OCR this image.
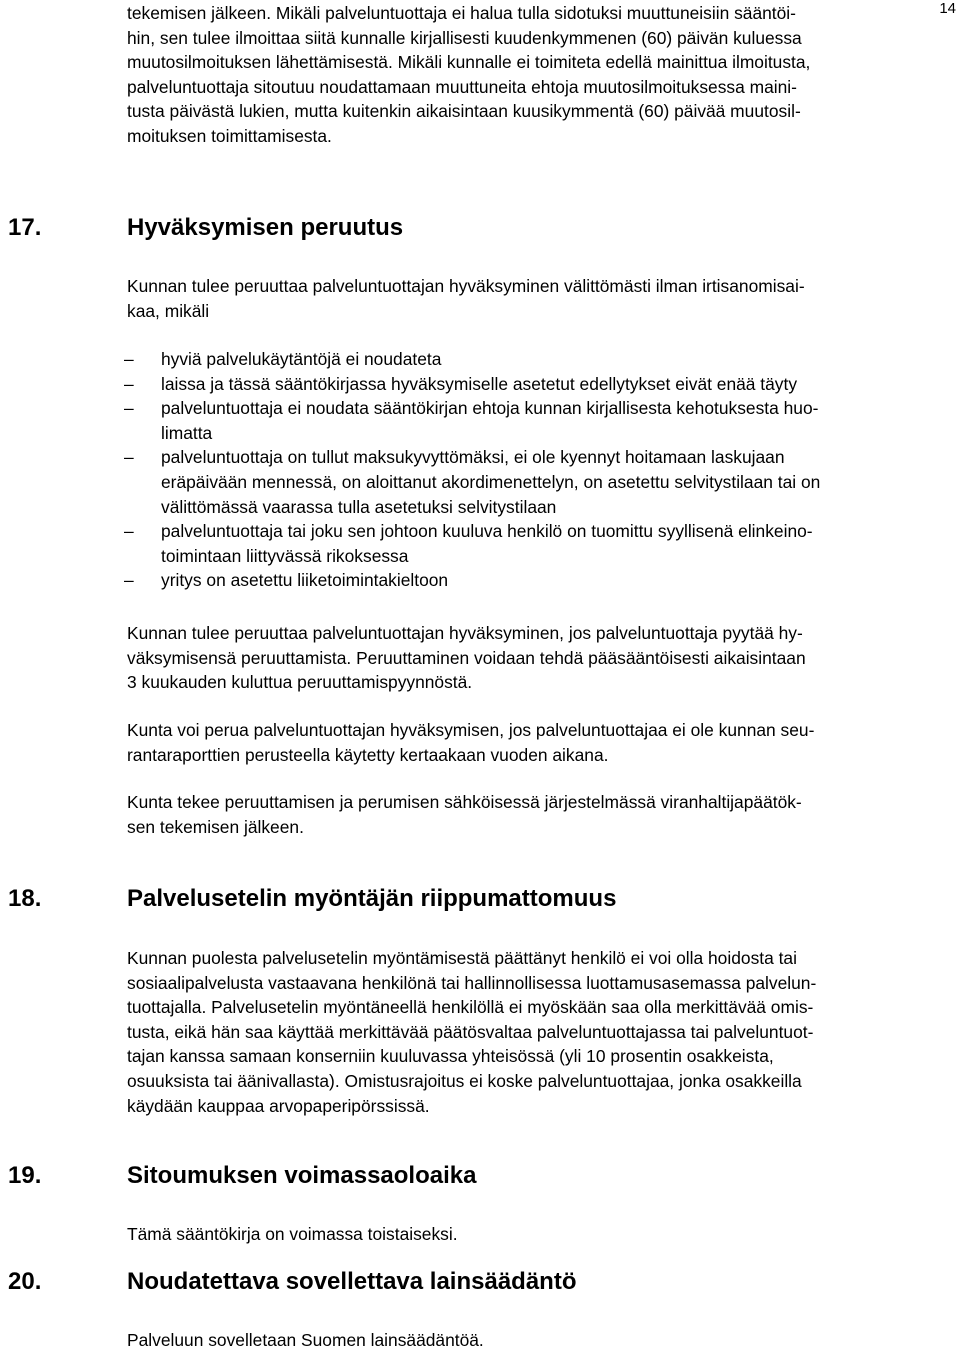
14

tekemisen jälkeen. Mikäli palveluntuottaja ei halua tulla sidotuksi muuttuneisiin sääntöi-
hin, sen tulee ilmoittaa siitä kunnalle kirjallisesti kuudenkymmenen (60) päivän kuluessa
muutosilmoituksen lähettämisestä. Mikäli kunnalle ei toimiteta edellä mainittua ilmoitusta,
palveluntuottaja sitoutuu noudattamaan muuttuneita ehtoja muutosilmoituksessa maini-
tusta päivästä lukien, mutta kuitenkin aikaisintaan kuusikymmentä (60) päivää muutosil-
moituksen toimittamisesta.

17.	Hyväksymisen peruutus

Kunnan tulee peruuttaa palveluntuottajan hyväksyminen välittömästi ilman irtisanomisai-
kaa, mikäli

–	hyviä palvelukäytäntöjä ei noudateta
–	laissa ja tässä sääntökirjassa hyväksymiselle asetetut edellytykset eivät enää täyty
–	palveluntuottaja ei noudata sääntökirjan ehtoja kunnan kirjallisesta kehotuksesta huo-
limatta
–	palveluntuottaja on tullut maksukyvyttömäksi, ei ole kyennyt hoitamaan laskujaan
eräpäivään mennessä, on aloittanut akordimenettelyn, on asetettu selvitystilaan tai on
välittömässä vaarassa tulla asetetuksi selvitystilaan
–	palveluntuottaja tai joku sen johtoon kuuluva henkilö on tuomittu syyllisenä elinkeino-
toimintaan liittyvässä rikoksessa
–	yritys on asetettu liiketoimintakieltoon

Kunnan tulee peruuttaa palveluntuottajan hyväksyminen, jos palveluntuottaja pyytää hy-
väksymisensä peruuttamista. Peruuttaminen voidaan tehdä pääsääntöisesti aikaisintaan
3 kuukauden kuluttua peruuttamispyynnöstä.

Kunta voi perua palveluntuottajan hyväksymisen, jos palveluntuottajaa ei ole kunnan seu-
rantaraporttien perusteella käytetty kertaakaan vuoden aikana.

Kunta tekee peruuttamisen ja perumisen sähköisessä järjestelmässä viranhaltijapäätök-
sen tekemisen jälkeen.

18.	Palvelusetelin myöntäjän riippumattomuus

Kunnan puolesta palvelusetelin myöntämisestä päättänyt henkilö ei voi olla hoidosta tai
sosiaalipalvelusta vastaavana henkilönä tai hallinnollisessa luottamusasemassa palvelun-
tuottajalla. Palvelusetelin myöntäneellä henkilöllä ei myöskään saa olla merkittävää omis-
tusta, eikä hän saa käyttää merkittävää päätösvaltaa palveluntuottajassa tai palveluntuot-
tajan kanssa samaan konserniin kuuluvassa yhteisössä (yli 10 prosentin osakkeista,
osuuksista tai äänivallasta). Omistusrajoitus ei koske palveluntuottajaa, jonka osakkeilla
käydään kauppaa arvopaperipörssissä.

19.	Sitoumuksen voimassaoloaika

Tämä sääntökirja on voimassa toistaiseksi.

20.	Noudatettava sovellettava lainsäädäntö

Palveluun sovelletaan Suomen lainsäädäntöä.
